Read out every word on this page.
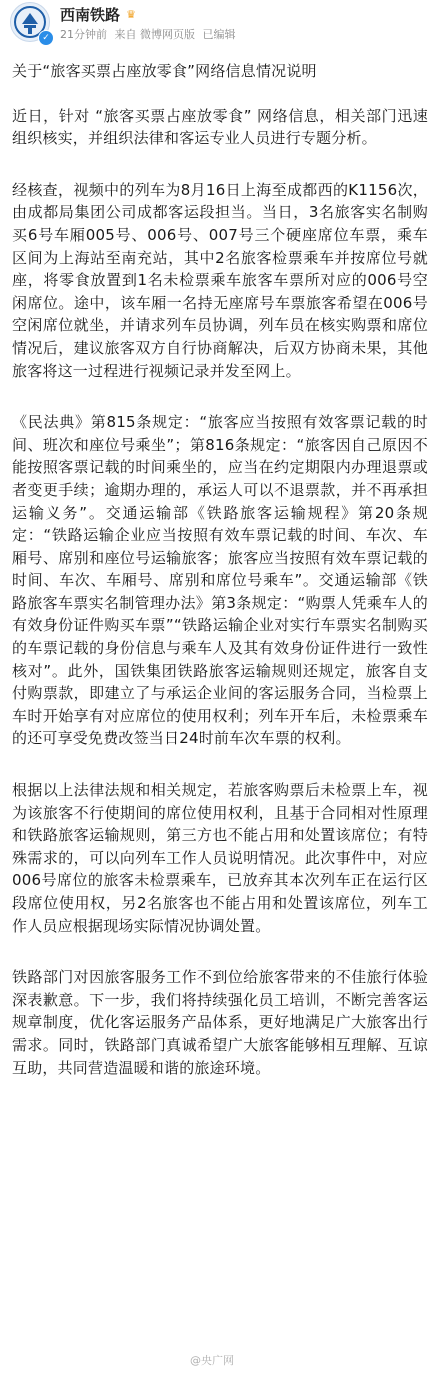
✓
西南铁路 ♛
21分钟前 来自 微博网页版 已编辑

关于“旅客买票占座放零食”网络信息情况说明

近日，针对 “旅客买票占座放零食” 网络信息，相关部门迅速组织核实，并组织法律和客运专业人员进行专题分析。

经核查，视频中的列车为8月16日上海至成都西的K1156次，由成都局集团公司成都客运段担当。当日，3名旅客实名制购买6号车厢005号、006号、007号三个硬座席位车票，乘车区间为上海站至南充站，其中2名旅客检票乘车并按席位号就座，将零食放置到1名未检票乘车旅客车票所对应的006号空闲席位。途中，该车厢一名持无座席号车票旅客希望在006号空闲席位就坐，并请求列车员协调，列车员在核实购票和席位情况后，建议旅客双方自行协商解决，后双方协商未果，其他旅客将这一过程进行视频记录并发至网上。

《民法典》第815条规定：“旅客应当按照有效客票记载的时间、班次和座位号乘坐”；第816条规定：“旅客因自己原因不能按照客票记载的时间乘坐的，应当在约定期限内办理退票或者变更手续；逾期办理的，承运人可以不退票款，并不再承担运输义务”。交通运输部《铁路旅客运输规程》第20条规定：“铁路运输企业应当按照有效车票记载的时间、车次、车厢号、席别和座位号运输旅客；旅客应当按照有效车票记载的时间、车次、车厢号、席别和席位号乘车”。交通运输部《铁路旅客车票实名制管理办法》第3条规定：“购票人凭乘车人的有效身份证件购买车票”“铁路运输企业对实行车票实名制购买的车票记载的身份信息与乘车人及其有效身份证件进行一致性核对”。此外，国铁集团铁路旅客运输规则还规定，旅客自支付购票款，即建立了与承运企业间的客运服务合同，当检票上车时开始享有对应席位的使用权利；列车开车后，未检票乘车的还可享受免费改签当日24时前车次车票的权利。

根据以上法律法规和相关规定，若旅客购票后未检票上车，视为该旅客不行使期间的席位使用权利，且基于合同相对性原理和铁路旅客运输规则，第三方也不能占用和处置该席位；有特殊需求的，可以向列车工作人员说明情况。此次事件中，对应006号席位的旅客未检票乘车，已放弃其本次列车正在运行区段席位使用权，另2名旅客也不能占用和处置该席位，列车工作人员应根据现场实际情况协调处置。

铁路部门对因旅客服务工作不到位给旅客带来的不佳旅行体验深表歉意。下一步，我们将持续强化员工培训，不断完善客运规章制度，优化客运服务产品体系，更好地满足广大旅客出行需求。同时，铁路部门真诚希望广大旅客能够相互理解、互谅互助，共同营造温暖和谐的旅途环境。

@央广网
